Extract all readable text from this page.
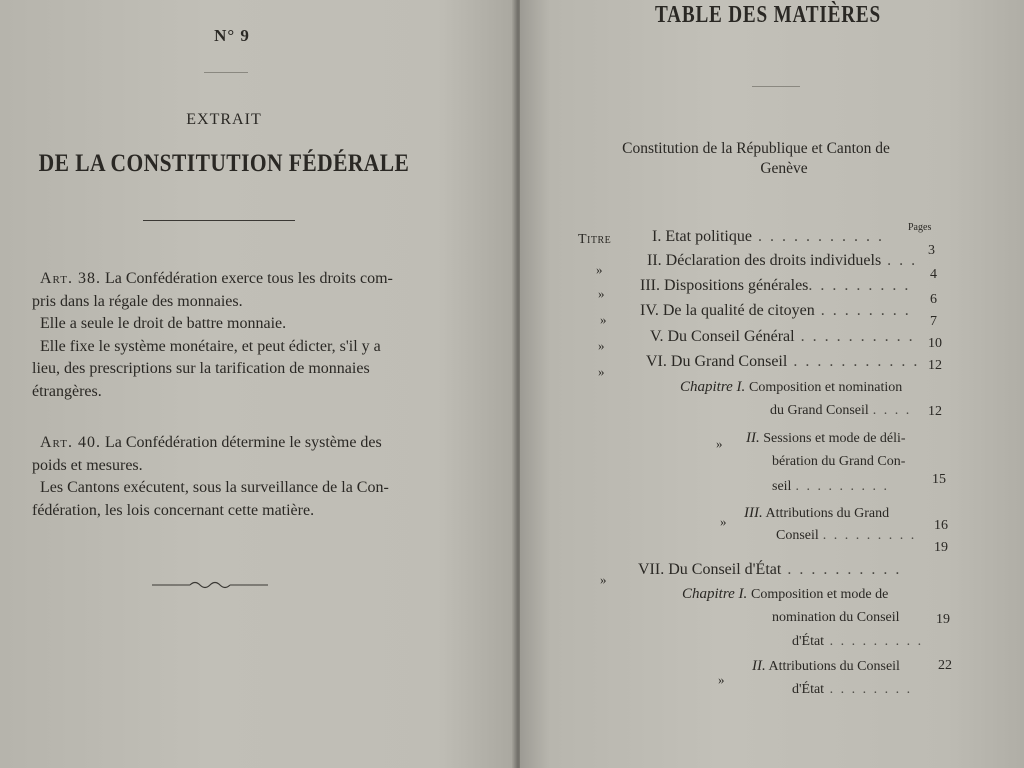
N° 9
EXTRAIT
DE LA CONSTITUTION FÉDÉRALE
Art. 38. La Confédération exerce tous les droits com-
pris dans la régale des monnaies.
Elle a seule le droit de battre monnaie.
Elle fixe le système monétaire, et peut édicter, s'il y a
lieu, des prescriptions sur la tarification de monnaies
étrangères.
Art. 40. La Confédération détermine le système des
poids et mesures.
Les Cantons exécutent, sous la surveillance de la Con-
fédération, les lois concernant cette matière.
TABLE DES MATIÈRES
Constitution de la République et Canton de
Genève
Pages
Titre	I. Etat politique . . . . . . . . . . .
3
»
II. Déclaration des droits individuels . . .
4
» III. Dispositions générales. . . . . . . . .
6
»
IV. De la qualité de citoyen . . . . . . . .
7
»
V. Du Conseil Général . . . . . . . . . . 10
»
VI. Du Grand Conseil . . . . . . . . . . . 12
Chapitre I. Composition et nomination
du Grand Conseil . . . . 12
» II. Sessions et mode de déli-
bération du Grand Con-
seil . . . . . . . . .	15
»
III. Attributions du Grand
Conseil . . . . . . . . .
16
»
VII. Du Conseil d'État . . . . . . . . . .
19
Chapitre I. Composition et mode de
nomination du Conseil
d'État . . . . . . . . .
19
»
II. Attributions du Conseil
d'État . . . . . . . .
22
